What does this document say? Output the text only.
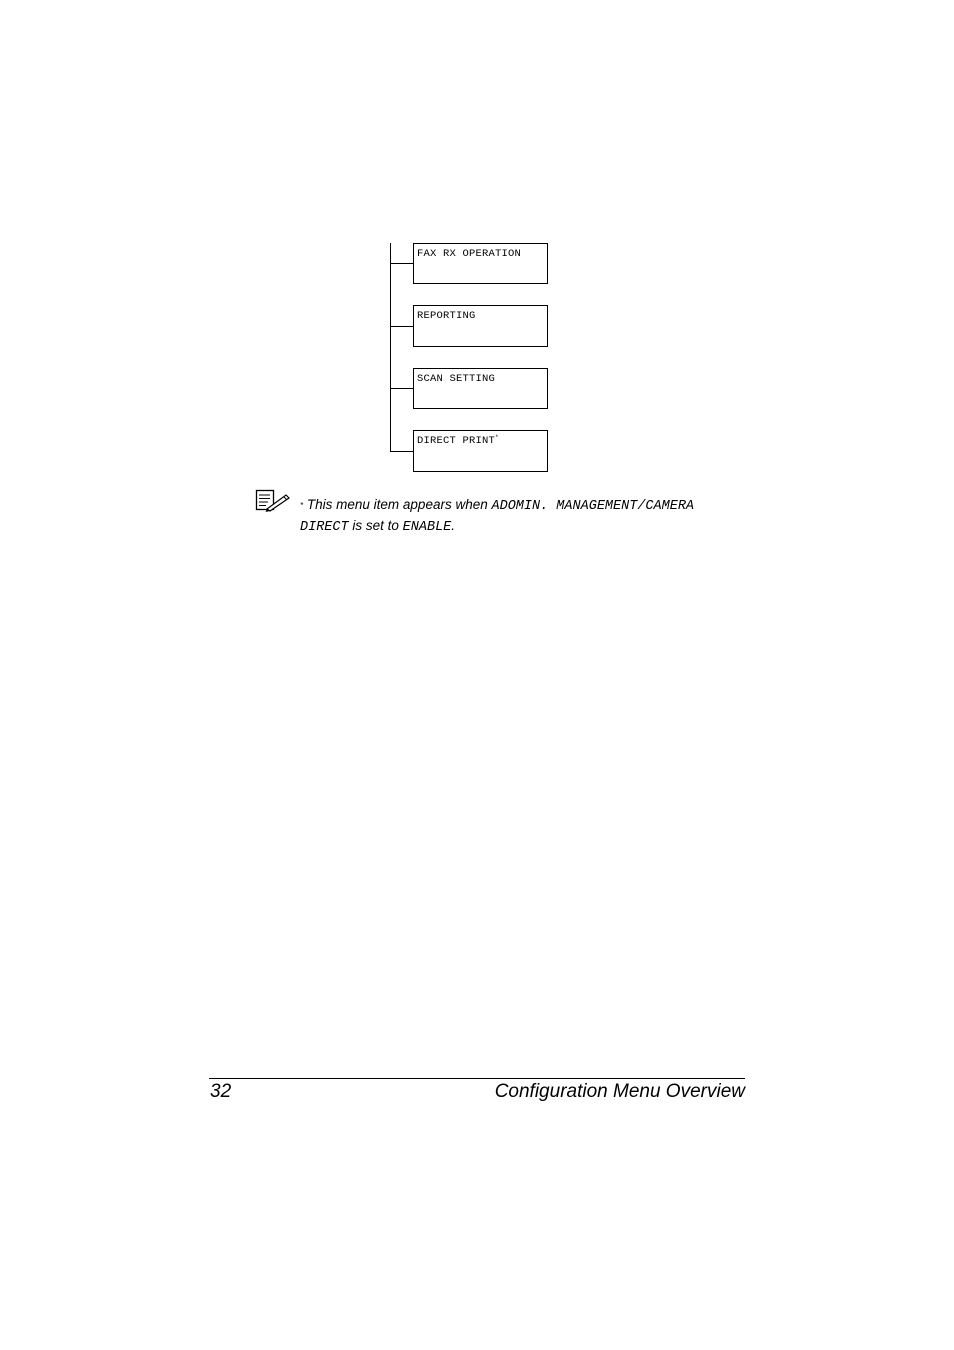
FAX RX OPERATION
REPORTING
SCAN SETTING
DIRECT PRINT*
* This menu item appears when ADOMIN. MANAGEMENT/CAMERA DIRECT is set to ENABLE.
32	Configuration Menu Overview
